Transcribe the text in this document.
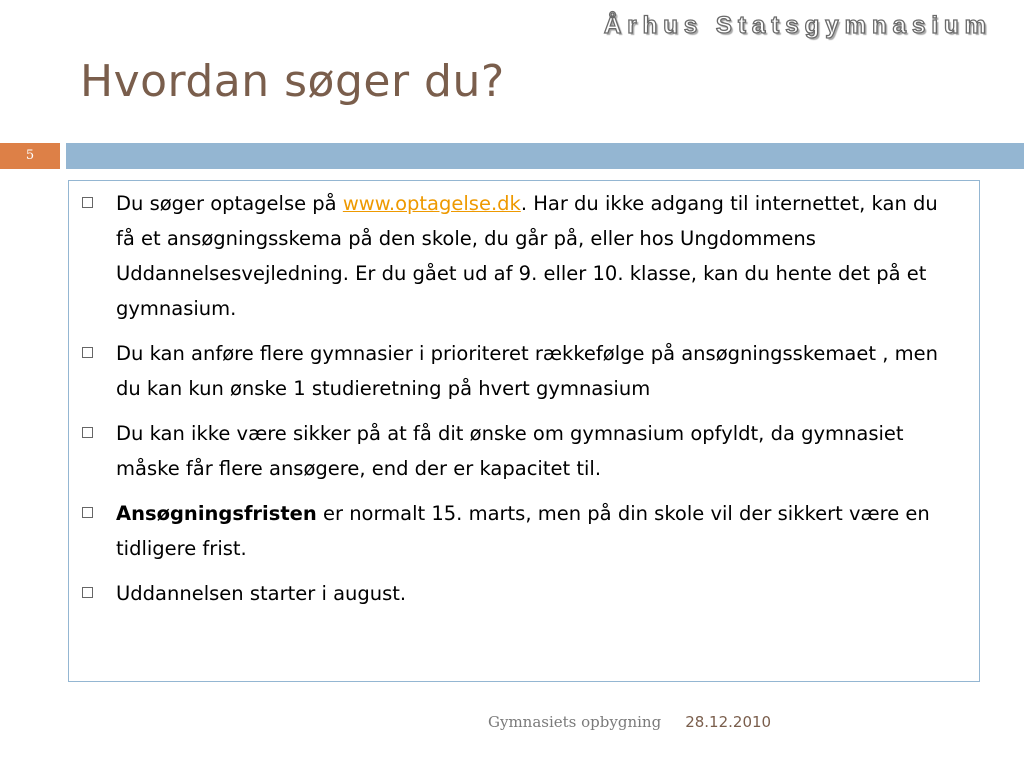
Århus Statsgymnasium
Hvordan søger du?
5
Du søger optagelse på www.optagelse.dk. Har du ikke adgang til internettet, kan du få et ansøgningsskema på den skole, du går på, eller hos Ungdommens Uddannelsesvejledning. Er du gået ud af 9. eller 10. klasse, kan du hente det på et gymnasium.
Du kan anføre flere gymnasier i prioriteret rækkefølge på ansøgningsskemaet , men du kan kun ønske 1 studieretning på hvert gymnasium
Du kan ikke være sikker på at få dit ønske om gymnasium opfyldt, da gymnasiet måske får flere ansøgere, end der er kapacitet til.
Ansøgningsfristen er normalt 15. marts, men på din skole vil der sikkert være en tidligere frist.
Uddannelsen starter i august.
Gymnasiets opbygning 28.12.2010
